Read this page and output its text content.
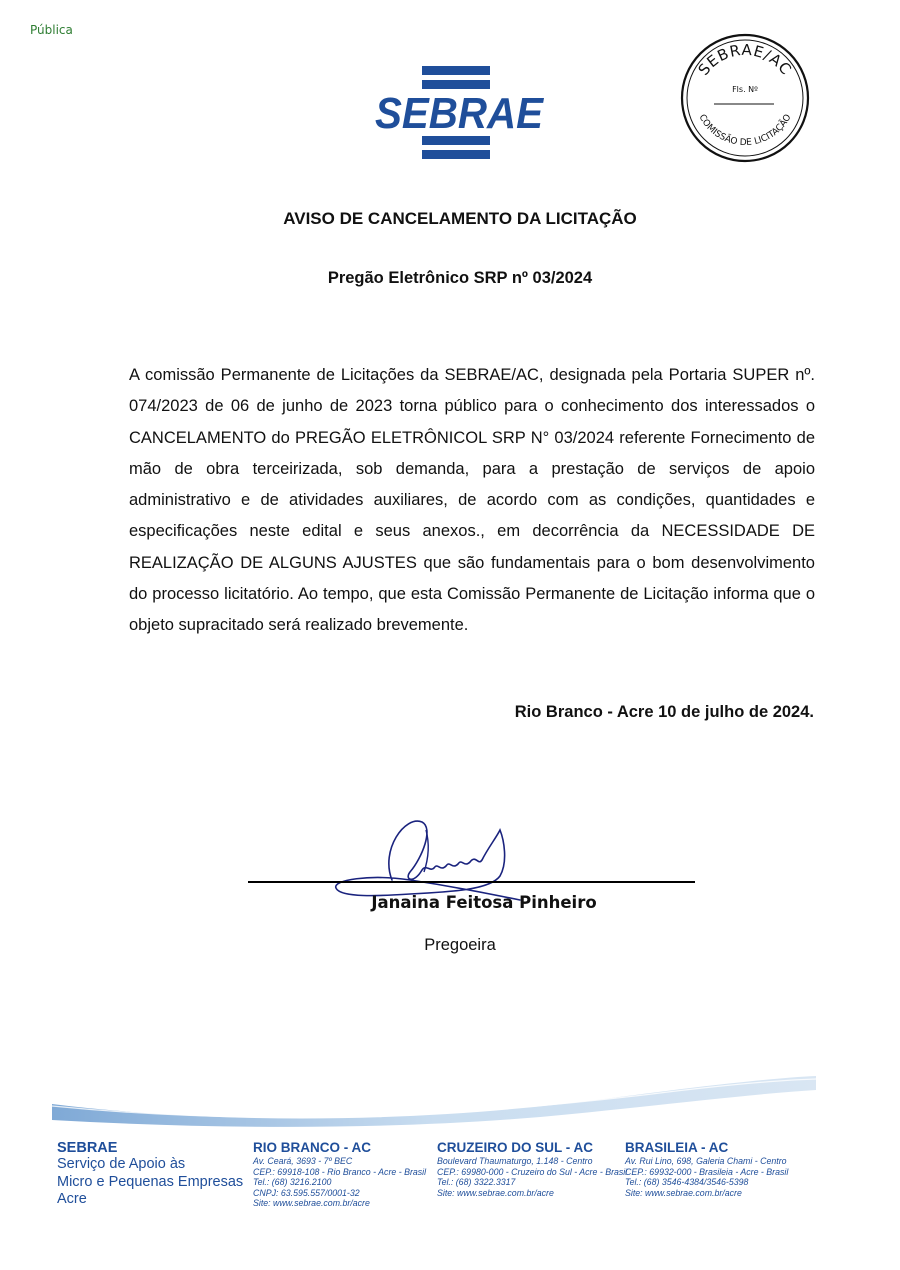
Pública
SEBRAE
SEBRAE/AC
Fls. Nº
COMISSÃO DE LICITAÇÃO
AVISO DE CANCELAMENTO DA LICITAÇÃO
Pregão Eletrônico SRP nº 03/2024
A comissão Permanente de Licitações da SEBRAE/AC, designada pela Portaria SUPER nº. 074/2023 de 06 de junho de 2023 torna público para o conhecimento dos interessados o CANCELAMENTO do PREGÃO ELETRÔNICOL SRP N° 03/2024 referente Fornecimento de mão de obra terceirizada, sob demanda, para a prestação de serviços de apoio administrativo e de atividades auxiliares, de acordo com as condições, quantidades e especificações neste edital e seus anexos., em decorrência da NECESSIDADE DE REALIZAÇÃO DE ALGUNS AJUSTES que são fundamentais para o bom desenvolvimento do processo licitatório. Ao tempo, que esta Comissão Permanente de Licitação informa que o objeto supracitado será realizado brevemente.
Rio Branco - Acre 10 de julho de 2024.
Janaina Feitosa Pinheiro
Pregoeira
SEBRAE
Serviço de Apoio às
Micro e Pequenas Empresas
Acre
RIO BRANCO - AC
Av. Ceará, 3693 - 7º BEC
CEP.: 69918-108 - Rio Branco - Acre - Brasil
Tel.: (68) 3216.2100
CNPJ: 63.595.557/0001-32
Site: www.sebrae.com.br/acre
CRUZEIRO DO SUL - AC
Boulevard Thaumaturgo, 1.148 - Centro
CEP.: 69980-000 - Cruzeiro do Sul - Acre - Brasil
Tel.: (68) 3322.3317
Site: www.sebrae.com.br/acre
BRASILEIA - AC
Av. Rui Lino, 698, Galeria Chami - Centro
CEP.: 69932-000 - Brasileia - Acre - Brasil
Tel.: (68) 3546-4384/3546-5398
Site: www.sebrae.com.br/acre
